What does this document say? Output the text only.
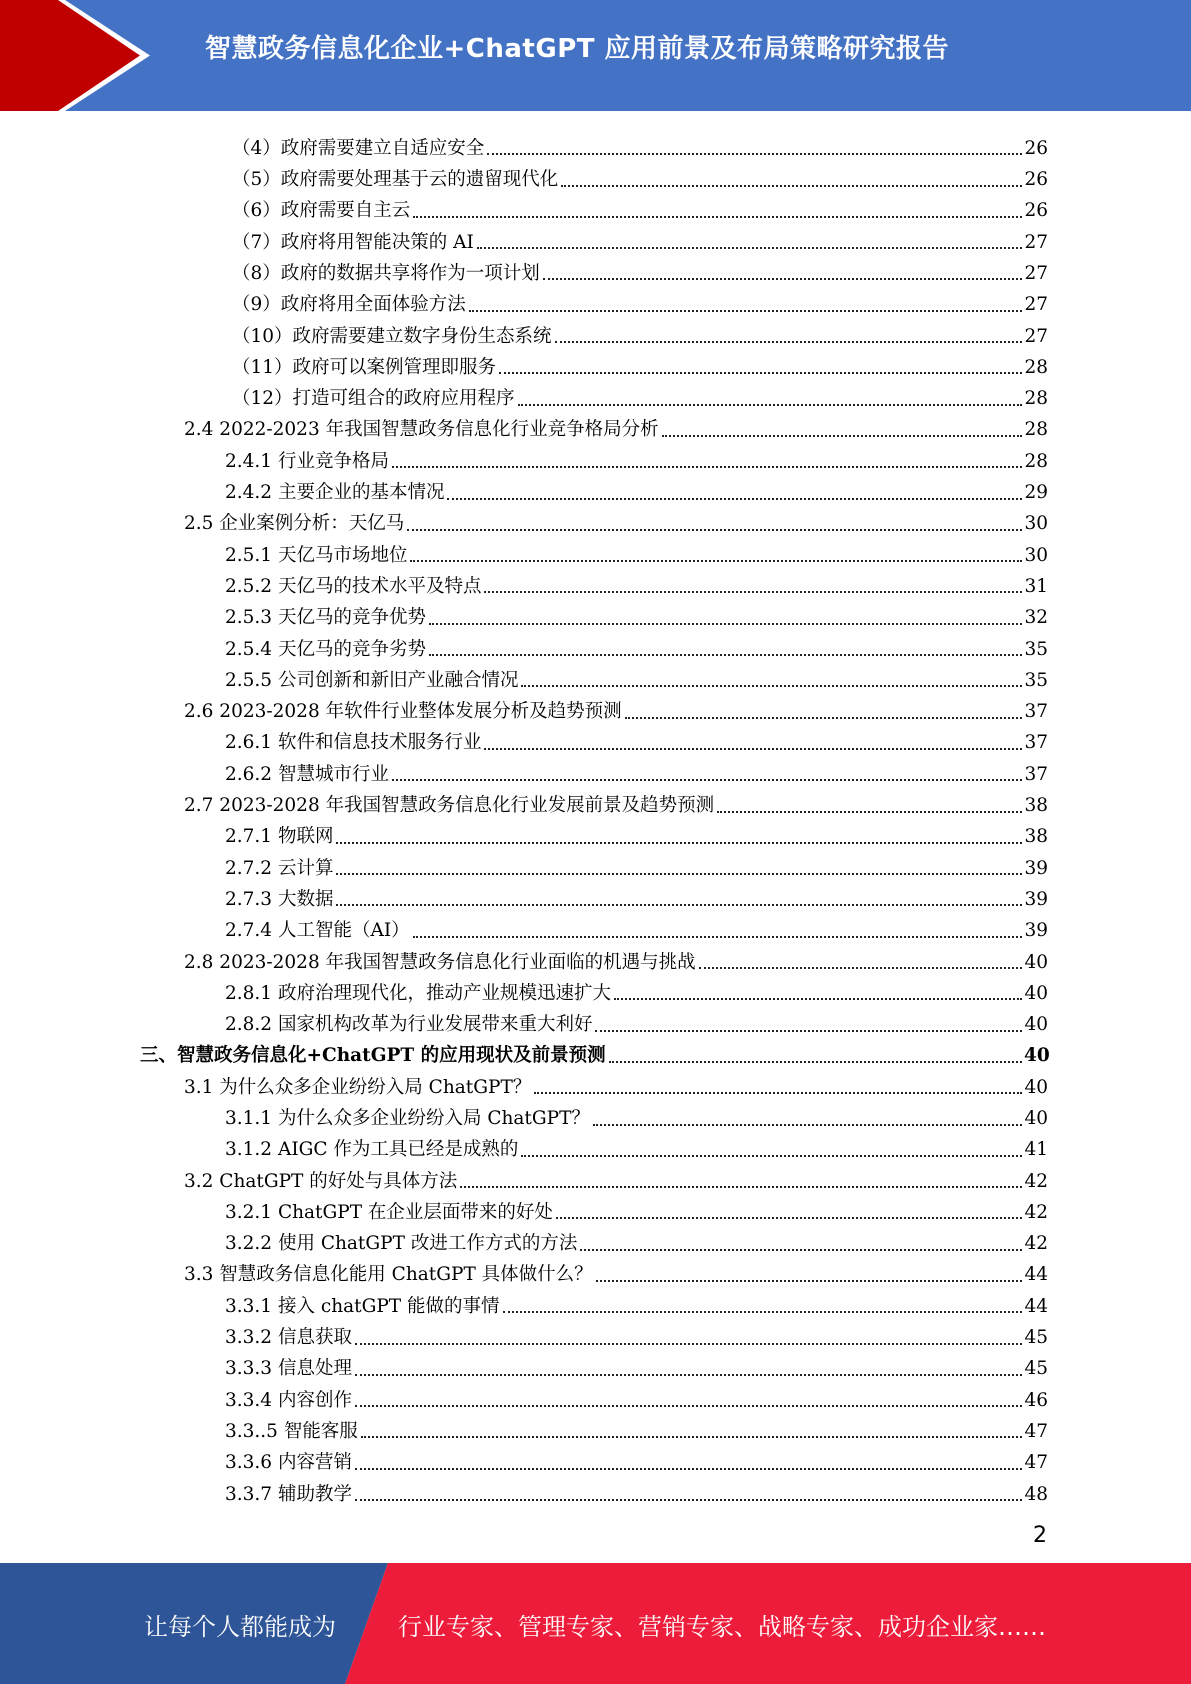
智慧政务信息化企业+ChatGPT 应用前景及布局策略研究报告
（4）政府需要建立自适应安全	26
（5）政府需要处理基于云的遗留现代化	26
（6）政府需要自主云	26
（7）政府将用智能决策的 AI	27
（8）政府的数据共享将作为一项计划	27
（9）政府将用全面体验方法	27
（10）政府需要建立数字身份生态系统	27
（11）政府可以案例管理即服务	28
（12）打造可组合的政府应用程序	28
2.4 2022-2023 年我国智慧政务信息化行业竞争格局分析	28
2.4.1 行业竞争格局	28
2.4.2 主要企业的基本情况	29
2.5 企业案例分析：天亿马	30
2.5.1 天亿马市场地位	30
2.5.2 天亿马的技术水平及特点	31
2.5.3 天亿马的竞争优势	32
2.5.4 天亿马的竞争劣势	35
2.5.5 公司创新和新旧产业融合情况	35
2.6 2023-2028 年软件行业整体发展分析及趋势预测	37
2.6.1 软件和信息技术服务行业	37
2.6.2 智慧城市行业	37
2.7 2023-2028 年我国智慧政务信息化行业发展前景及趋势预测	38
2.7.1 物联网	38
2.7.2 云计算	39
2.7.3 大数据	39
2.7.4 人工智能（AI）	39
2.8 2023-2028 年我国智慧政务信息化行业面临的机遇与挑战	40
2.8.1 政府治理现代化，推动产业规模迅速扩大	40
2.8.2 国家机构改革为行业发展带来重大利好	40
三、智慧政务信息化+ChatGPT 的应用现状及前景预测	40
3.1 为什么众多企业纷纷入局 ChatGPT？	40
3.1.1 为什么众多企业纷纷入局 ChatGPT？	40
3.1.2 AIGC 作为工具已经是成熟的	41
3.2 ChatGPT 的好处与具体方法	42
3.2.1 ChatGPT 在企业层面带来的好处	42
3.2.2 使用 ChatGPT 改进工作方式的方法	42
3.3 智慧政务信息化能用 ChatGPT 具体做什么？	44
3.3.1 接入 chatGPT 能做的事情	44
3.3.2 信息获取	45
3.3.3 信息处理	45
3.3.4 内容创作	46
3.3..5 智能客服	47
3.3.6 内容营销	47
3.3.7 辅助教学	48
2
让每个人都能成为	行业专家、管理专家、营销专家、战略专家、成功企业家……
